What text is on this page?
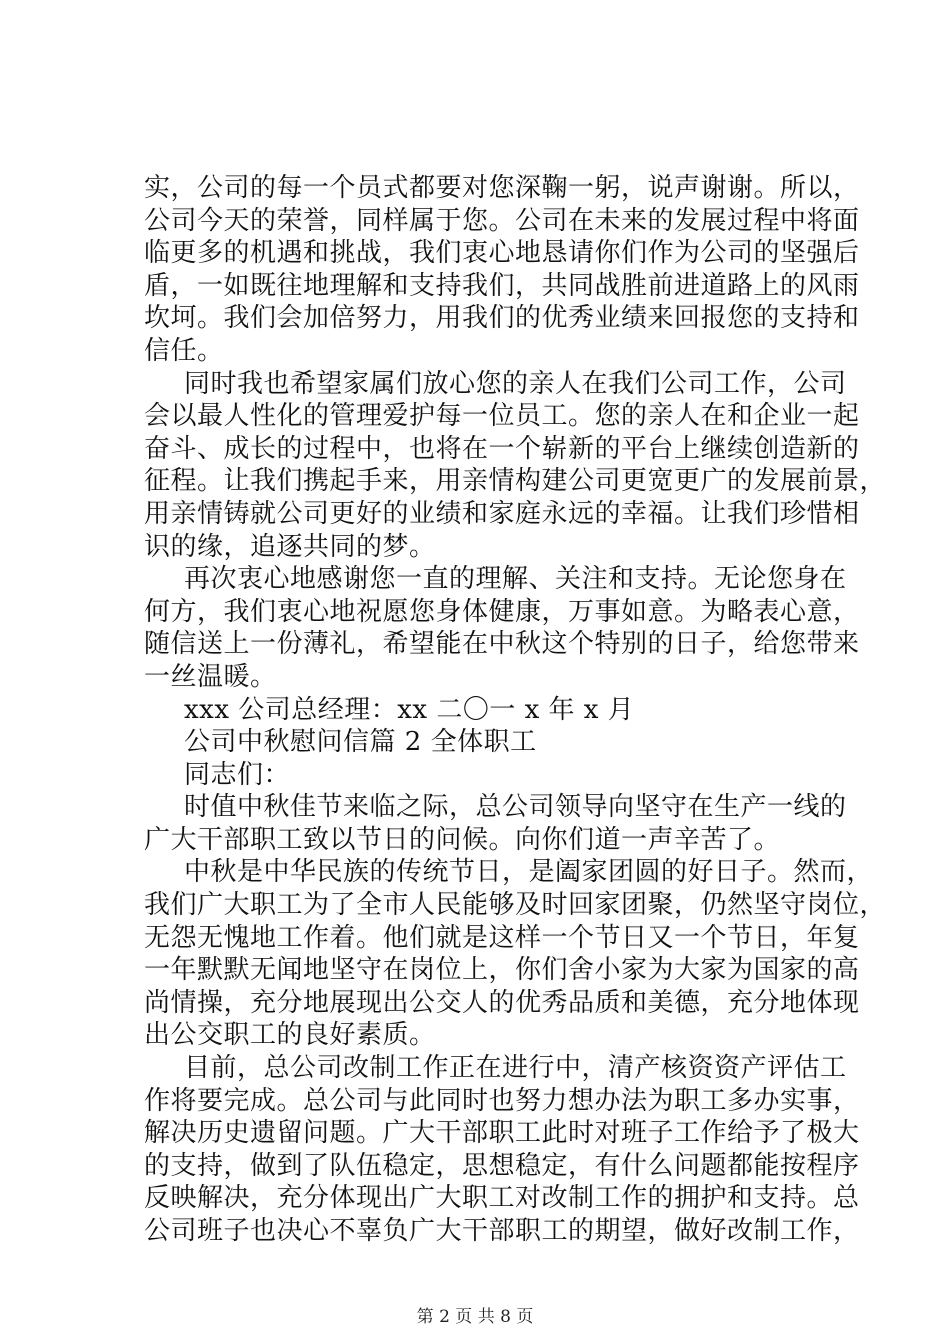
实，公司的每一个员式都要对您深鞠一躬，说声谢谢。所以，
公司今天的荣誉，同样属于您。公司在未来的发展过程中将面
临更多的机遇和挑战，我们衷心地恳请你们作为公司的坚强后
盾，一如既往地理解和支持我们，共同战胜前进道路上的风雨
坎坷。我们会加倍努力，用我们的优秀业绩来回报您的支持和
信任。
同时我也希望家属们放心您的亲人在我们公司工作，公司
会以最人性化的管理爱护每一位员工。您的亲人在和企业一起
奋斗、成长的过程中，也将在一个崭新的平台上继续创造新的
征程。让我们携起手来，用亲情构建公司更宽更广的发展前景，
用亲情铸就公司更好的业绩和家庭永远的幸福。让我们珍惜相
识的缘，追逐共同的梦。
再次衷心地感谢您一直的理解、关注和支持。无论您身在
何方，我们衷心地祝愿您身体健康，万事如意。为略表心意，
随信送上一份薄礼，希望能在中秋这个特别的日子，给您带来
一丝温暖。
xxx 公司总经理：xx 二〇一 x 年 x 月
公司中秋慰问信篇 2 全体职工
同志们：
时值中秋佳节来临之际，总公司领导向坚守在生产一线的
广大干部职工致以节日的问候。向你们道一声辛苦了。
中秋是中华民族的传统节日，是阖家团圆的好日子。然而，
我们广大职工为了全市人民能够及时回家团聚，仍然坚守岗位，
无怨无愧地工作着。他们就是这样一个节日又一个节日，年复
一年默默无闻地坚守在岗位上，你们舍小家为大家为国家的高
尚情操，充分地展现出公交人的优秀品质和美德，充分地体现
出公交职工的良好素质。
目前，总公司改制工作正在进行中，清产核资资产评估工
作将要完成。总公司与此同时也努力想办法为职工多办实事，
解决历史遗留问题。广大干部职工此时对班子工作给予了极大
的支持，做到了队伍稳定，思想稳定，有什么问题都能按程序
反映解决，充分体现出广大职工对改制工作的拥护和支持。总
公司班子也决心不辜负广大干部职工的期望，做好改制工作，
第 2 页 共 8 页
